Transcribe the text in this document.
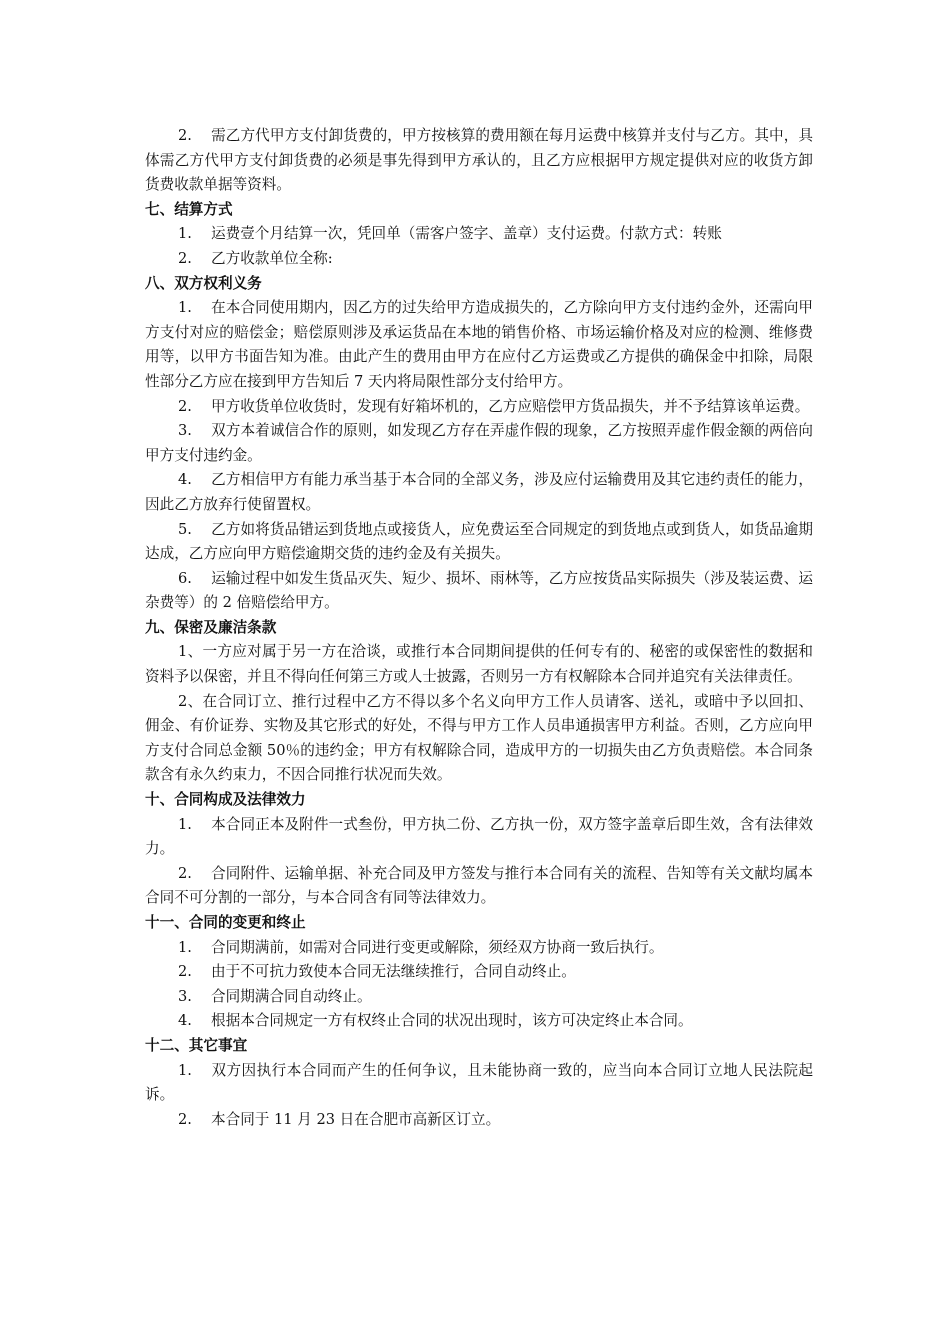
2. 需乙方代甲方支付卸货费的，甲方按核算的费用额在每月运费中核算并支付与乙方。其中，具体需乙方代甲方支付卸货费的必须是事先得到甲方承认的，且乙方应根据甲方规定提供对应的收货方卸货费收款单据等资料。

七、结算方式

1. 运费壹个月结算一次，凭回单（需客户签字、盖章）支付运费。付款方式：转账

2. 乙方收款单位全称:

八、双方权利义务

1. 在本合同使用期内，因乙方的过失给甲方造成损失的，乙方除向甲方支付违约金外，还需向甲方支付对应的赔偿金；赔偿原则涉及承运货品在本地的销售价格、市场运输价格及对应的检测、维修费用等，以甲方书面告知为准。由此产生的费用由甲方在应付乙方运费或乙方提供的确保金中扣除，局限性部分乙方应在接到甲方告知后 7 天内将局限性部分支付给甲方。

2. 甲方收货单位收货时，发现有好箱坏机的，乙方应赔偿甲方货品损失，并不予结算该单运费。

3. 双方本着诚信合作的原则，如发现乙方存在弄虚作假的现象，乙方按照弄虚作假金额的两倍向甲方支付违约金。

4. 乙方相信甲方有能力承当基于本合同的全部义务，涉及应付运输费用及其它违约责任的能力，因此乙方放弃行使留置权。

5. 乙方如将货品错运到货地点或接货人，应免费运至合同规定的到货地点或到货人，如货品逾期达成，乙方应向甲方赔偿逾期交货的违约金及有关损失。

6. 运输过程中如发生货品灭失、短少、损坏、雨林等，乙方应按货品实际损失（涉及装运费、运杂费等）的 2 倍赔偿给甲方。

九、保密及廉洁条款

1、一方应对属于另一方在洽谈，或推行本合同期间提供的任何专有的、秘密的或保密性的数据和资料予以保密，并且不得向任何第三方或人士披露，否则另一方有权解除本合同并追究有关法律责任。

2、在合同订立、推行过程中乙方不得以多个名义向甲方工作人员请客、送礼，或暗中予以回扣、佣金、有价证券、实物及其它形式的好处，不得与甲方工作人员串通损害甲方利益。否则，乙方应向甲方支付合同总金额 50％的违约金；甲方有权解除合同，造成甲方的一切损失由乙方负责赔偿。本合同条款含有永久约束力，不因合同推行状况而失效。

十、合同构成及法律效力

1. 本合同正本及附件一式叁份，甲方执二份、乙方执一份，双方签字盖章后即生效，含有法律效力。

2. 合同附件、运输单据、补充合同及甲方签发与推行本合同有关的流程、告知等有关文献均属本合同不可分割的一部分，与本合同含有同等法律效力。

十一、合同的变更和终止

1. 合同期满前，如需对合同进行变更或解除，须经双方协商一致后执行。

2. 由于不可抗力致使本合同无法继续推行，合同自动终止。

3. 合同期满合同自动终止。

4. 根据本合同规定一方有权终止合同的状况出现时，该方可决定终止本合同。

十二、其它事宜

1. 双方因执行本合同而产生的任何争议，且未能协商一致的，应当向本合同订立地人民法院起诉。

2. 本合同于 11 月 23 日在合肥市高新区订立。
